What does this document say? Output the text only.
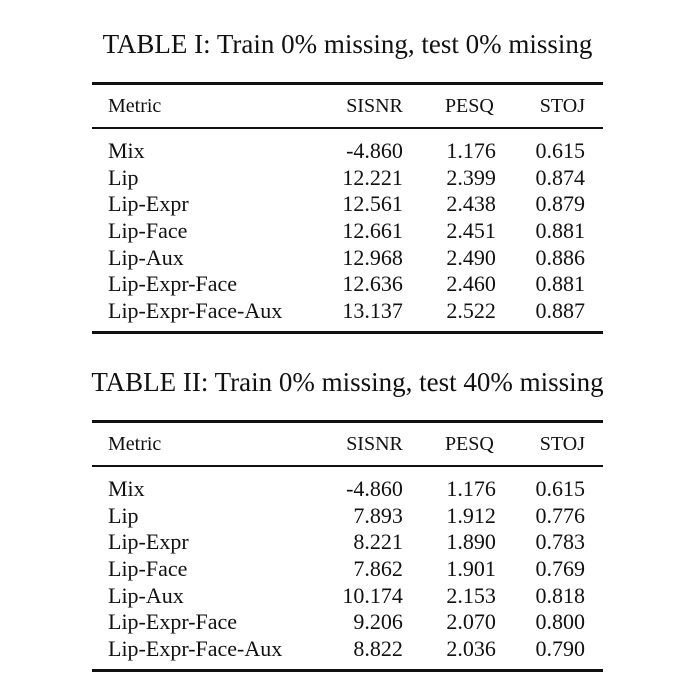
TABLE I: Train 0% missing, test 0% missing

Metric	SISNR	PESQ	STOJ
Mix	-4.860	1.176	0.615
Lip	12.221	2.399	0.874
Lip-Expr	12.561	2.438	0.879
Lip-Face	12.661	2.451	0.881
Lip-Aux	12.968	2.490	0.886
Lip-Expr-Face	12.636	2.460	0.881
Lip-Expr-Face-Aux	13.137	2.522	0.887

TABLE II: Train 0% missing, test 40% missing

Metric	SISNR	PESQ	STOJ
Mix	-4.860	1.176	0.615
Lip	7.893	1.912	0.776
Lip-Expr	8.221	1.890	0.783
Lip-Face	7.862	1.901	0.769
Lip-Aux	10.174	2.153	0.818
Lip-Expr-Face	9.206	2.070	0.800
Lip-Expr-Face-Aux	8.822	2.036	0.790
